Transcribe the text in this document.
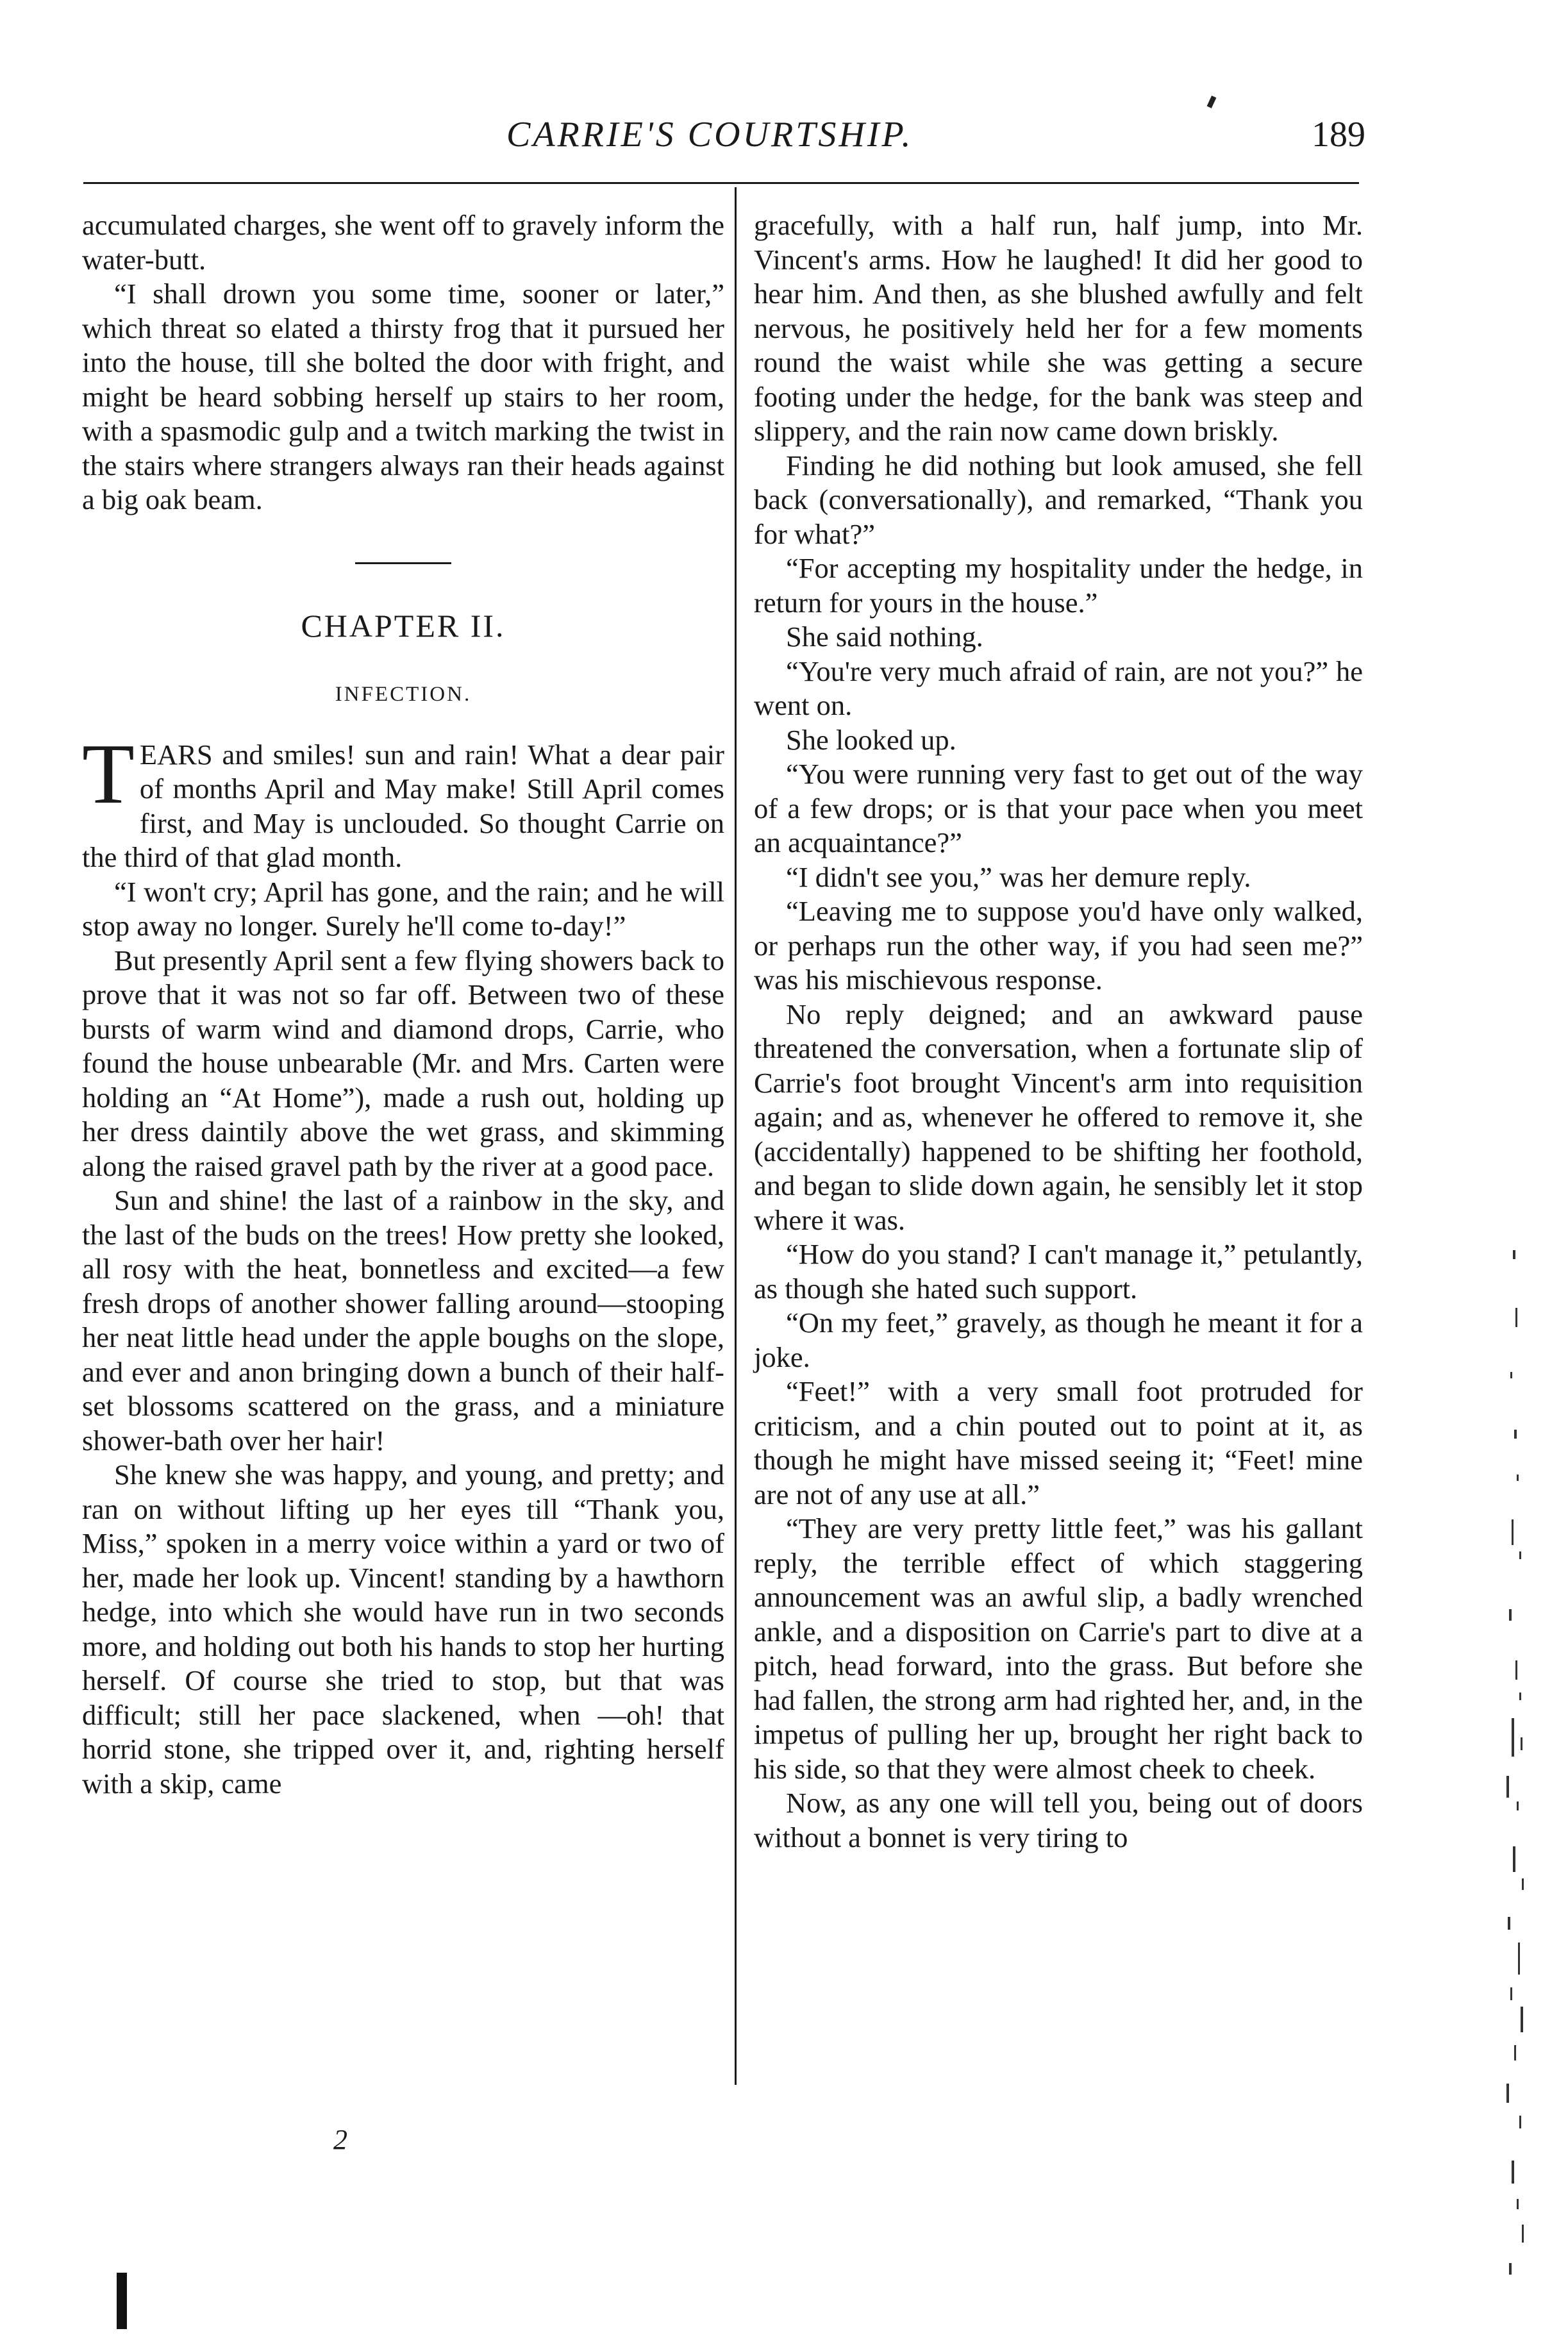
CARRIE'S COURTSHIP.	189

accumulated charges, she went off to gravely inform the water-butt.

“I shall drown you some time, sooner or later,” which threat so elated a thirsty frog that it pursued her into the house, till she bolted the door with fright, and might be heard sobbing herself up stairs to her room, with a spasmodic gulp and a twitch marking the twist in the stairs where strangers always ran their heads against a big oak beam.

CHAPTER II.
INFECTION.

TEARS and smiles! sun and rain! What a dear pair of months April and May make! Still April comes first, and May is unclouded. So thought Carrie on the third of that glad month.

“I won't cry; April has gone, and the rain; and he will stop away no longer. Surely he'll come to-day!”

But presently April sent a few flying showers back to prove that it was not so far off. Between two of these bursts of warm wind and diamond drops, Carrie, who found the house unbearable (Mr. and Mrs. Carten were holding an “At Home”), made a rush out, holding up her dress daintily above the wet grass, and skimming along the raised gravel path by the river at a good pace.

Sun and shine! the last of a rainbow in the sky, and the last of the buds on the trees! How pretty she looked, all rosy with the heat, bonnetless and excited—a few fresh drops of another shower falling around—stooping her neat little head under the apple boughs on the slope, and ever and anon bringing down a bunch of their half-set blossoms scattered on the grass, and a miniature shower-bath over her hair!

She knew she was happy, and young, and pretty; and ran on without lifting up her eyes till “Thank you, Miss,” spoken in a merry voice within a yard or two of her, made her look up. Vincent! standing by a hawthorn hedge, into which she would have run in two seconds more, and holding out both his hands to stop her hurting herself. Of course she tried to stop, but that was difficult; still her pace slackened, when —oh! that horrid stone, she tripped over it, and, righting herself with a skip, came

gracefully, with a half run, half jump, into Mr. Vincent's arms. How he laughed! It did her good to hear him. And then, as she blushed awfully and felt nervous, he positively held her for a few moments round the waist while she was getting a secure footing under the hedge, for the bank was steep and slippery, and the rain now came down briskly.

Finding he did nothing but look amused, she fell back (conversationally), and remarked, “Thank you for what?”

“For accepting my hospitality under the hedge, in return for yours in the house.”

She said nothing.

“You're very much afraid of rain, are not you?” he went on.

She looked up.

“You were running very fast to get out of the way of a few drops; or is that your pace when you meet an acquaintance?”

“I didn't see you,” was her demure reply.

“Leaving me to suppose you'd have only walked, or perhaps run the other way, if you had seen me?” was his mischievous response.

No reply deigned; and an awkward pause threatened the conversation, when a fortunate slip of Carrie's foot brought Vincent's arm into requisition again; and as, whenever he offered to remove it, she (accidentally) happened to be shifting her foothold, and began to slide down again, he sensibly let it stop where it was.

“How do you stand? I can't manage it,” petulantly, as though she hated such support.

“On my feet,” gravely, as though he meant it for a joke.

“Feet!” with a very small foot protruded for criticism, and a chin pouted out to point at it, as though he might have missed seeing it; “Feet! mine are not of any use at all.”

“They are very pretty little feet,” was his gallant reply, the terrible effect of which staggering announcement was an awful slip, a badly wrenched ankle, and a disposition on Carrie's part to dive at a pitch, head forward, into the grass. But before she had fallen, the strong arm had righted her, and, in the impetus of pulling her up, brought her right back to his side, so that they were almost cheek to cheek.

Now, as any one will tell you, being out of doors without a bonnet is very tiring to

2
